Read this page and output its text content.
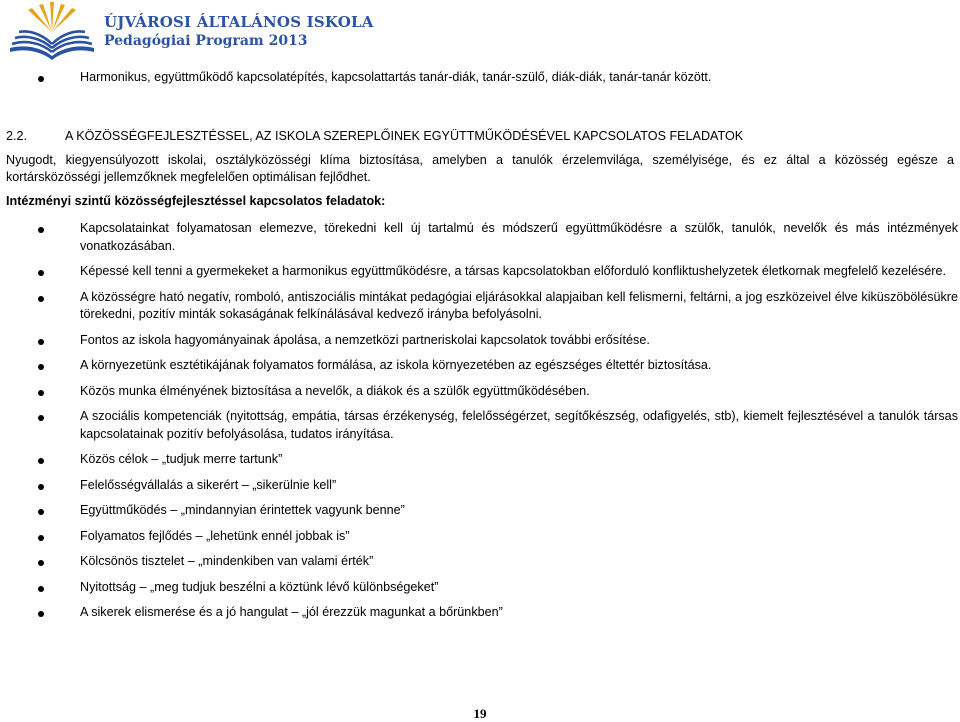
ÚJVÁROSI ÁLTALÁNOS ISKOLA
Pedagógiai Program 2013
Harmonikus, együttműködő kapcsolatépítés, kapcsolattartás tanár-diák, tanár-szülő, diák-diák, tanár-tanár között.
2.2.	A KÖZÖSSÉGFEJLESZTÉSSEL, AZ ISKOLA SZEREPLŐINEK EGYÜTTMŰKÖDÉSÉVEL KAPCSOLATOS FELADATOK
Nyugodt, kiegyensúlyozott iskolai, osztályközösségi klíma biztosítása, amelyben a tanulók érzelemvilága, személyisége, és ez által a közösség egésze a kortársközösségi jellemzőknek megfelelően optimálisan fejlődhet.
Intézményi szintű közösségfejlesztéssel kapcsolatos feladatok:
Kapcsolatainkat folyamatosan elemezve, törekedni kell új tartalmú és módszerű együttműködésre a szülők, tanulók, nevelők és más intézmények vonatkozásában.
Képessé kell tenni a gyermekeket a harmonikus együttműködésre, a társas kapcsolatokban előforduló konfliktushelyzetek életkornak megfelelő kezelésére.
A közösségre ható negatív, romboló, antiszociális mintákat pedagógiai eljárásokkal alapjaiban kell felismerni, feltárni, a jog eszközeivel élve kiküszöbölésükre törekedni, pozitív minták sokaságának felkínálásával kedvező irányba befolyásolni.
Fontos az iskola hagyományainak ápolása, a nemzetközi partneriskolai kapcsolatok további erősítése.
A környezetünk esztétikájának folyamatos formálása, az iskola környezetében az egészséges éltettér biztosítása.
Közös munka élményének biztosítása a nevelők, a diákok és a szülők együttműködésében.
A szociális kompetenciák (nyitottság, empátia, társas érzékenység, felelősségérzet, segítőkészség, odafigyelés, stb), kiemelt fejlesztésével a tanulók társas kapcsolatainak pozitív befolyásolása, tudatos irányítása.
Közös célok – „tudjuk merre tartunk”
Felelősségvállalás a sikerért – „sikerülnie kell”
Együttműködés – „mindannyian érintettek vagyunk benne”
Folyamatos fejlődés – „lehetünk ennél jobbak is”
Kölcsönös tisztelet – „mindenkiben van valami érték”
Nyitottság – „meg tudjuk beszélni a köztünk lévő különbségeket”
A sikerek elismerése és a jó hangulat – „jól érezzük magunkat a bőrünkben”
19
